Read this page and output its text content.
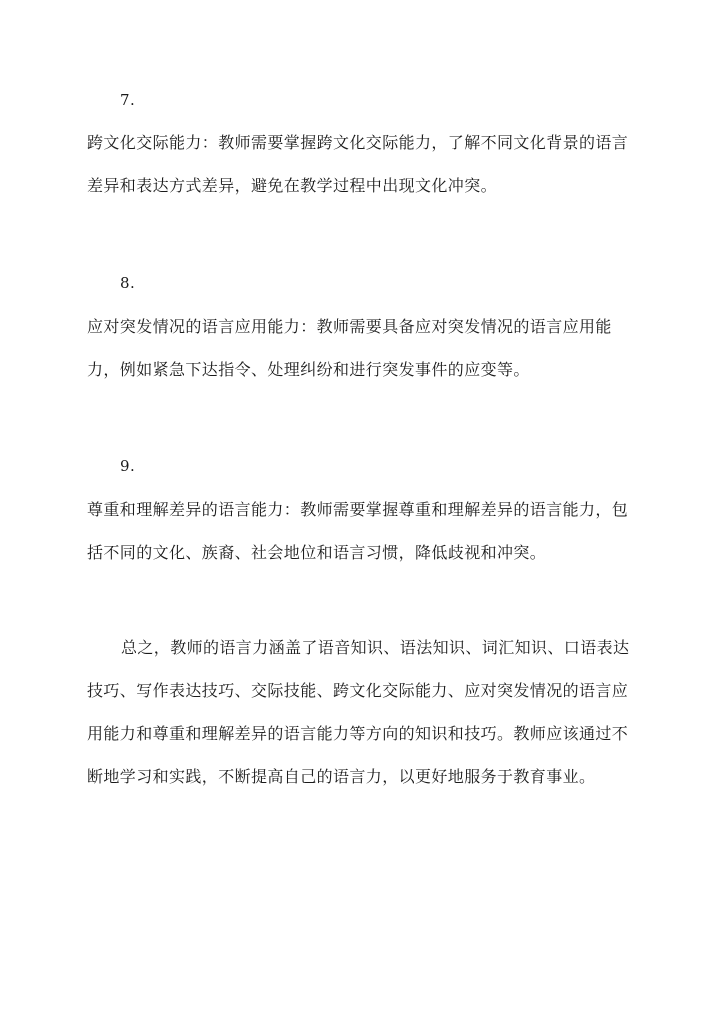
7.

跨文化交际能力：教师需要掌握跨文化交际能力，了解不同文化背景的语言差异和表达方式差异，避免在教学过程中出现文化冲突。

8.

应对突发情况的语言应用能力：教师需要具备应对突发情况的语言应用能力，例如紧急下达指令、处理纠纷和进行突发事件的应变等。

9.

尊重和理解差异的语言能力：教师需要掌握尊重和理解差异的语言能力，包括不同的文化、族裔、社会地位和语言习惯，降低歧视和冲突。

总之，教师的语言力涵盖了语音知识、语法知识、词汇知识、口语表达技巧、写作表达技巧、交际技能、跨文化交际能力、应对突发情况的语言应用能力和尊重和理解差异的语言能力等方向的知识和技巧。教师应该通过不断地学习和实践，不断提高自己的语言力，以更好地服务于教育事业。
